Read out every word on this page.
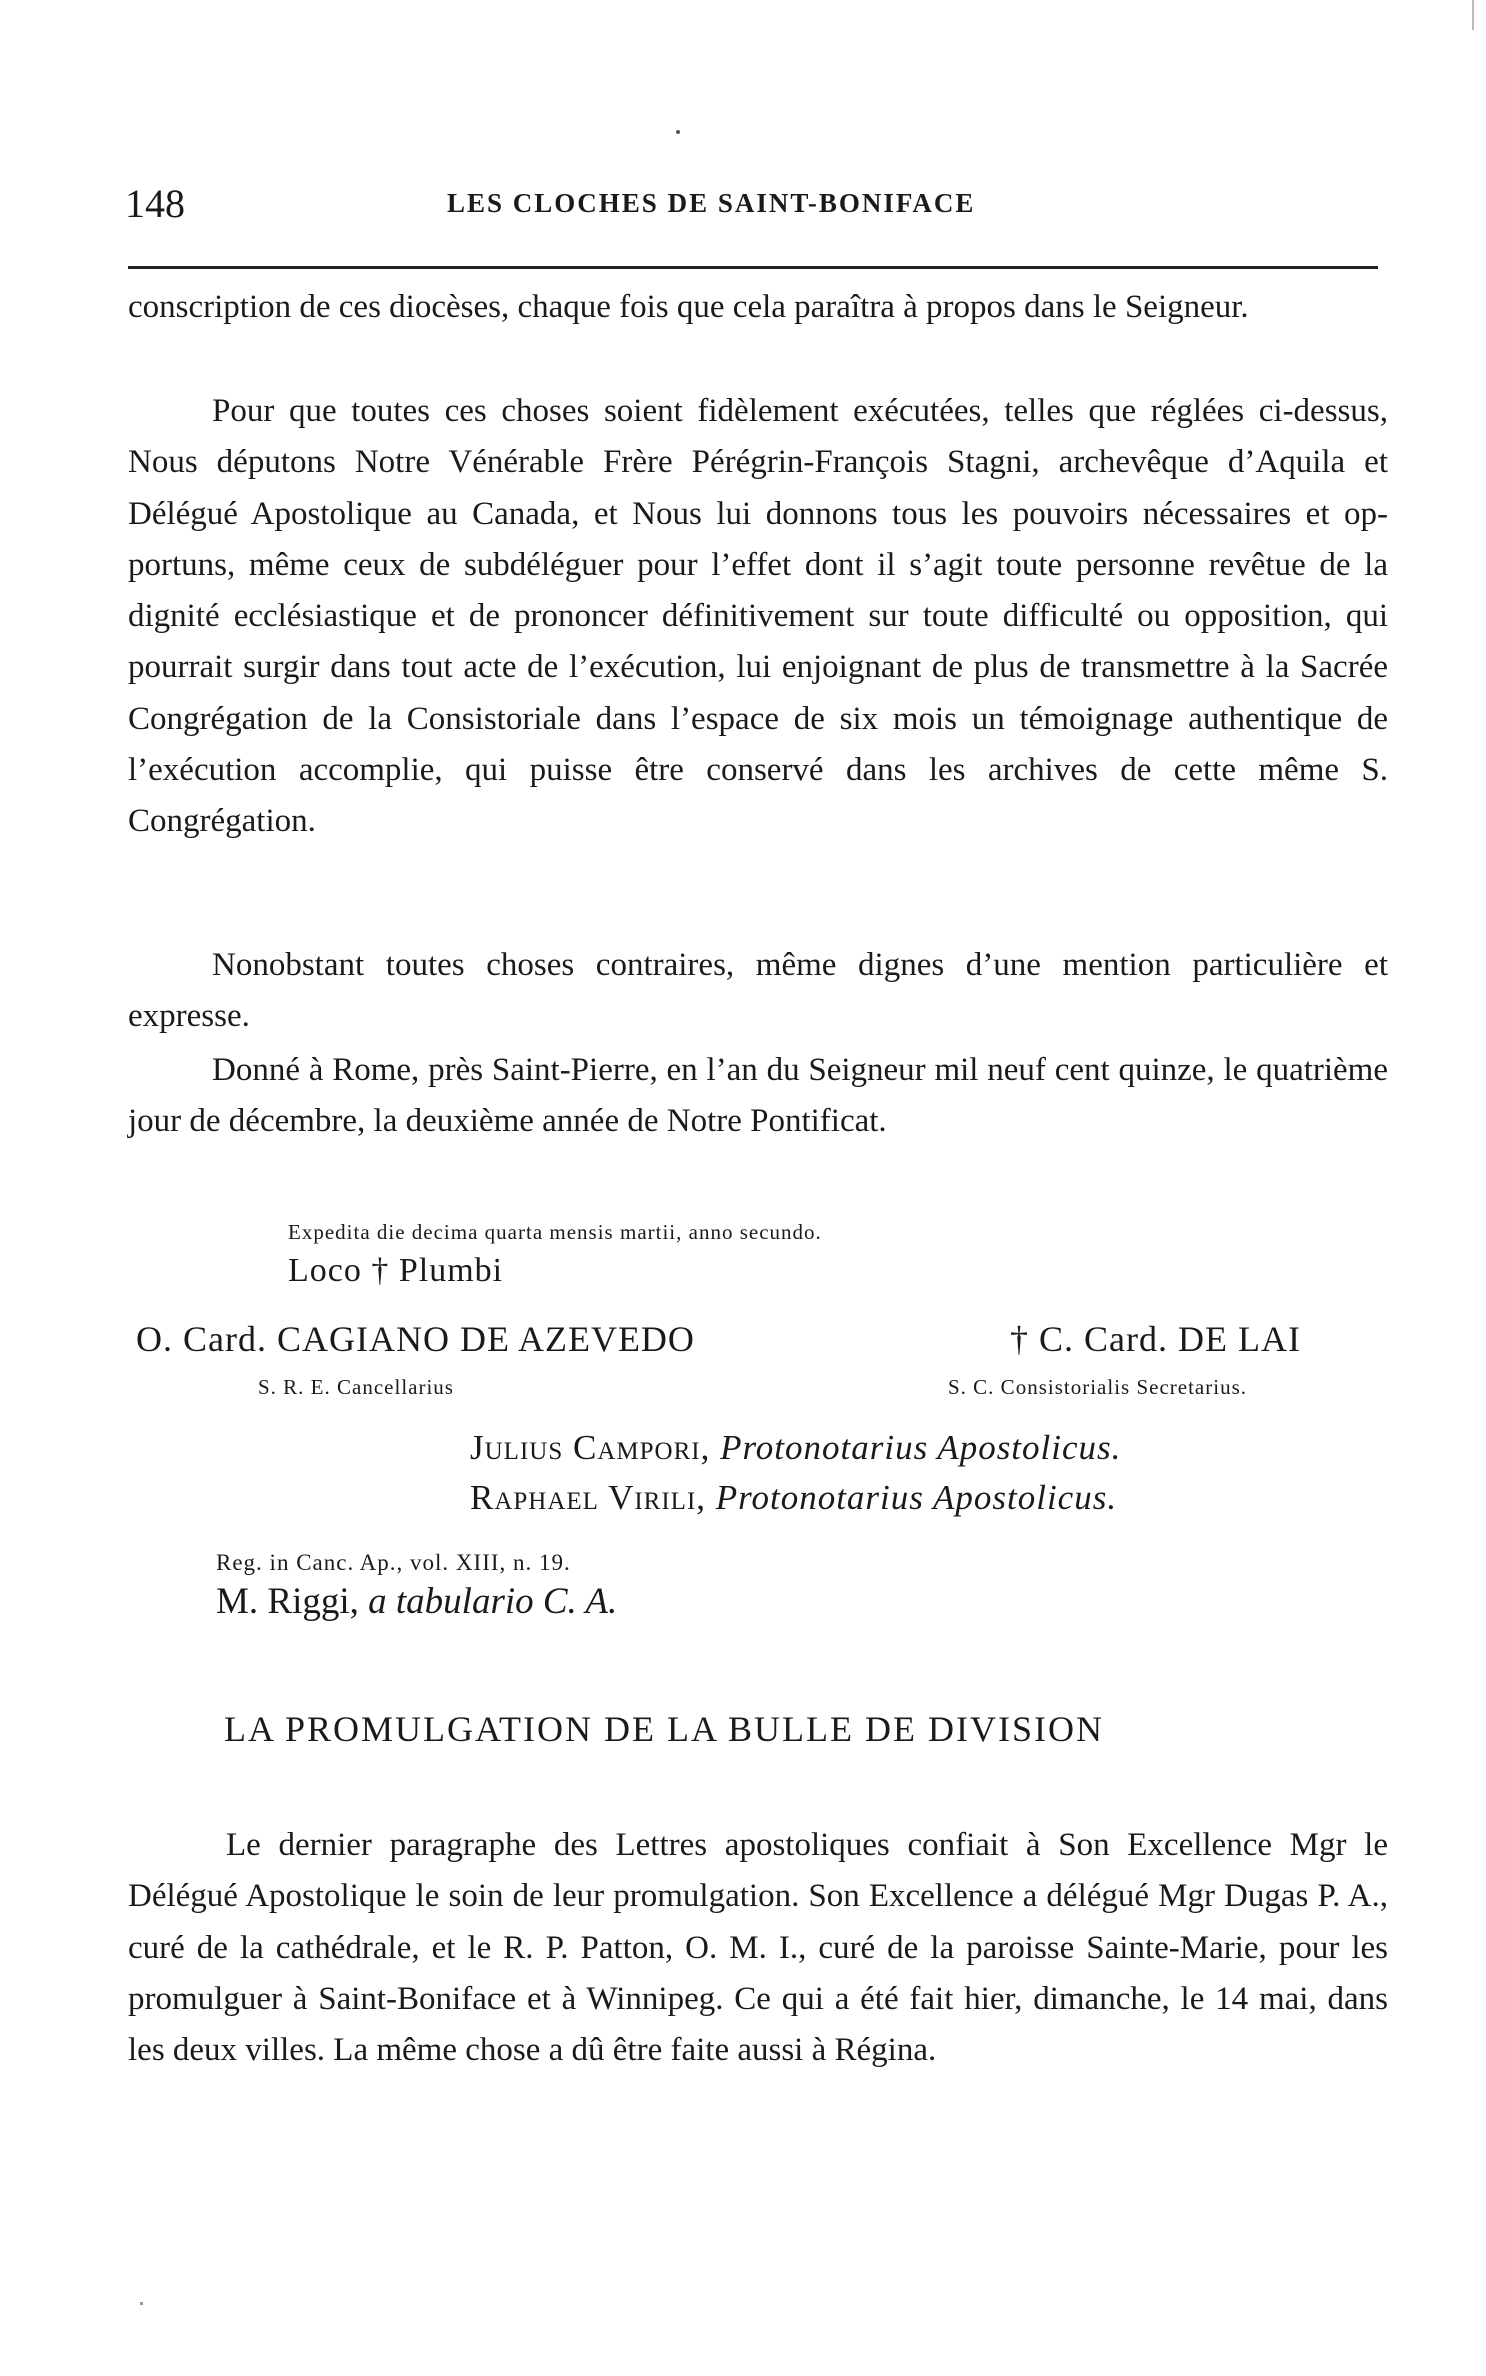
148	LES CLOCHES DE SAINT-BONIFACE
conscription de ces diocèses, chaque fois que cela paraîtra à propos dans le Seigneur.
Pour que toutes ces choses soient fidèlement exécutées, telles que réglées ci-dessus, Nous députons Notre Vénérable Frère Pérégrin-François Stagni, archevêque d’Aquila et Délégué Apostolique au Canada, et Nous lui donnons tous les pouvoirs nécessaires et opportuns, même ceux de subdéléguer pour l’effet dont il s’agit toute personne revêtue de la dignité ecclésiastique et de prononcer définitivement sur toute difficulté ou opposition, qui pourrait surgir dans tout acte de l’exécution, lui enjoignant de plus de transmettre à la Sacrée Congrégation de la Consistoriale dans l’espace de six mois un témoignage authentique de l’exécution accomplie, qui puisse être conservé dans les archives de cette même S. Congrégation.
Nonobstant toutes choses contraires, même dignes d’une mention particulière et expresse.
Donné à Rome, près Saint-Pierre, en l’an du Seigneur mil neuf cent quinze, le quatrième jour de décembre, la deuxième année de Notre Pontificat.
Expedita die decima quarta mensis martii, anno secundo.
Loco † Plumbi
O. Card. CAGIANO DE AZEVEDO	† C. Card. DE LAI
S. R. E. Cancellarius	S. C. Consistorialis Secretarius.
Julius Campori, Protonotarius Apostolicus.
Raphael Virili, Protonotarius Apostolicus.
Reg. in Canc. Ap., vol. XIII, n. 19.
M. Riggi, a tabulario C. A.
LA PROMULGATION DE LA BULLE DE DIVISION
Le dernier paragraphe des Lettres apostoliques confiait à Son Excellence Mgr le Délégué Apostolique le soin de leur promulgation. Son Excellence a délégué Mgr Dugas P. A., curé de la cathédrale, et le R. P. Patton, O. M. I., curé de la paroisse Sainte-Marie, pour les promulguer à Saint-Boniface et à Winnipeg. Ce qui a été fait hier, dimanche, le 14 mai, dans les deux villes. La même chose a dû être faite aussi à Régina.
